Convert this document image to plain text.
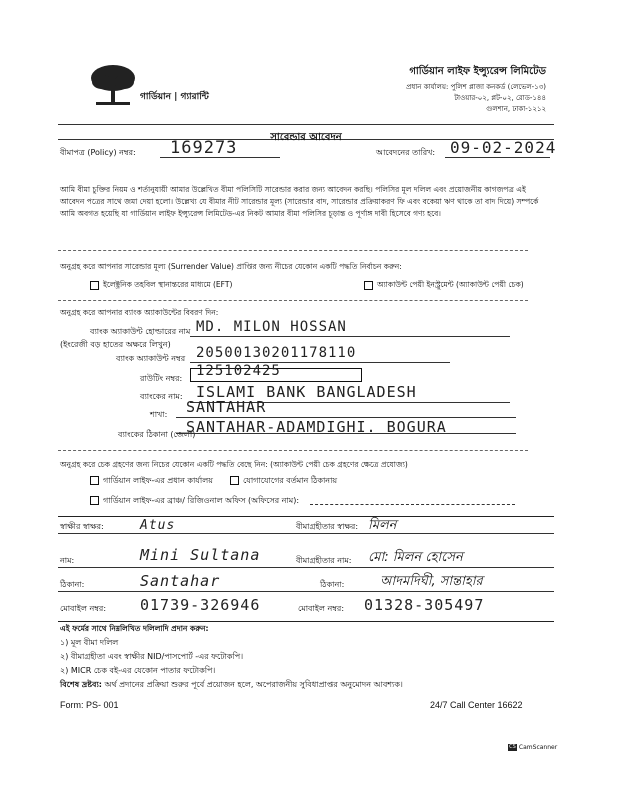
গার্ডিয়ান | গ্যারান্টি
গার্ডিয়ান লাইফ ইন্স্যুরেন্স লিমিটেড
প্রধান কার্যালয়: পুলিশ প্লাজা কনকর্ড (লেভেল-১৩)
টাওয়ার-০২, প্লট-০২, রোড-১৪৪
গুলশান, ঢাকা-১২১২
সারেন্ডার আবেদন
বীমাপত্র (Policy) নম্বর: 169273	আবেদনের তারিখ: 09-02-2024
আমি বীমা চুক্তির নিয়ম ও শর্তানুযায়ী আমার উল্লেখিত বীমা পলিসিটি সারেন্ডার করার জন্য আবেদন করছি। পলিসির মূল দলিল এবং প্রয়োজনীয় কাগজপত্র এই আবেদন পত্রের সাথে জমা দেয়া হলো। উল্লেখ্য যে বীমার নীট সারেন্ডার মূল্য (সারেন্ডার বাদ, সারেন্ডার প্রক্রিয়াকরণ ফি এবং বকেয়া ঋণ থাকে তা বাদ দিয়ে) সম্পর্কে আমি অবগত হয়েছি যা গার্ডিয়ান লাইফ ইন্স্যুরেন্স লিমিটেড-এর নিকট আমার বীমা পলিসির চূড়ান্ত ও পূর্ণাঙ্গ দাবী হিসেবে গণ্য হবে।
অনুগ্রহ করে আপনার সারেন্ডার মূল্য (Surrender Value) প্রাপ্তির জন্য নীচের যেকোন একটি পদ্ধতি নির্বাচন করুন:
ইলেক্ট্রনিক তহবিল স্থানান্তরের মাধ্যমে (EFT)	অ্যাকাউন্ট পেয়ী ইনস্ট্রুমেন্ট (অ্যাকাউন্ট পেয়ী চেক)
অনুগ্রহ করে আপনার ব্যাংক অ্যাকাউন্টের বিবরণ দিন:
ব্যাংক অ্যাকাউন্ট হোল্ডারের নাম
(ইংরেজী বড় হাতের অক্ষরে লিখুন)
MD. MILON HOSSAN
ব্যাংক অ্যাকাউন্ট নম্বর 20500130201178110
রাউটিং নম্বর: 125102425
ব্যাংকের নাম: ISLAMI BANK BANGLADESH
শাখা: SANTAHAR
ব্যাংকের ঠিকানা (জেলা)
SANTAHAR-ADAMDIGHI. BOGURA
অনুগ্রহ করে চেক গ্রহণের জন্য নিচের যেকোন একটি পদ্ধতি বেছে নিন: (অ্যাকাউন্ট পেয়ী চেক গ্রহণের ক্ষেত্রে প্রযোজ্য)
গার্ডিয়ান লাইফ-এর প্রধান কার্যালয়	যোগাযোগের বর্তমান ঠিকানায়
গার্ডিয়ান লাইফ-এর ব্রাঞ্চ/ রিজিওনাল অফিস (অফিসের নাম):
স্বাক্ষীর স্বাক্ষর:	Atus	বীমাগ্রহীতার স্বাক্ষর: মিলন
নাম:	Mini Sultana	বীমাগ্রহীতার নাম: মো: মিলন হোসেন
ঠিকানা:	Santahar	ঠিকানা:	আদমদিঘী, সান্তাহার
মোবাইল নম্বর: 01739-326946	মোবাইল নম্বর: 01328-305497
এই ফর্মের সাথে নিম্নলিখিত দলিলাদি প্রদান করুন:
১) মূল বীমা দলিল
২) বীমাগ্রহীতা এবং স্বাক্ষীর NID/পাসপোর্ট -এর ফটোকপি।
২) MICR চেক বই-এর যেকোন পাতার ফটোকপি।
বিশেষ দ্রষ্টব্য: অর্থ প্রদানের প্রক্রিয়া শুরুর পূর্বে প্রয়োজন হলে, অপেরাজনীয় সুবিধাপ্রাপ্তর অনুমোদন আবশ্যক।
Form: PS- 001	24/7 Call Center 16622
CS CamScanner
